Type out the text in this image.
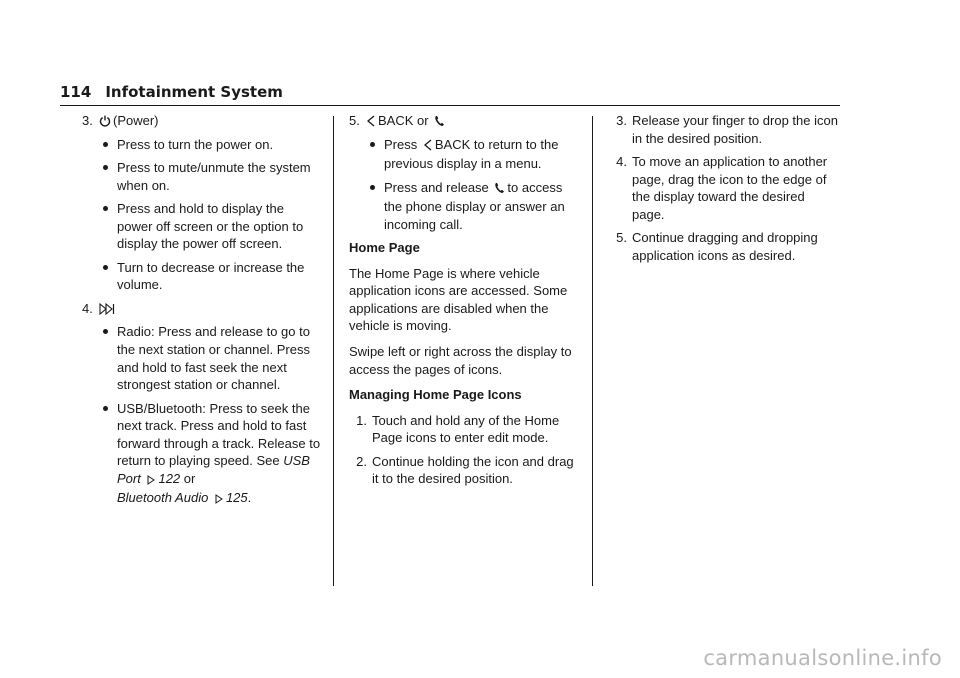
114 Infotainment System
3.	(Power)
Press to turn the power on.
Press to mute/unmute the system when on.
Press and hold to display the power off screen or the option to display the power off screen.
Turn to decrease or increase the volume.
4.
Radio: Press and release to go to the next station or channel. Press and hold to fast seek the next strongest station or channel.
USB/Bluetooth: Press to seek the next track. Press and hold to fast forward through a track. Release to return to playing speed. See USB Port 122 or
Bluetooth Audio 125.
5.	BACK or
Press BACK to return to the previous display in a menu.
Press and release to access the phone display or answer an incoming call.
Home Page

The Home Page is where vehicle application icons are accessed. Some applications are disabled when the vehicle is moving.

Swipe left or right across the display to access the pages of icons.

Managing Home Page Icons
1. Touch and hold any of the Home Page icons to enter edit mode.
2. Continue holding the icon and drag it to the desired position.
3. Release your finger to drop the icon in the desired position.
4. To move an application to another page, drag the icon to the edge of the display toward the desired page.
5. Continue dragging and dropping application icons as desired.
carmanualsonline.info
